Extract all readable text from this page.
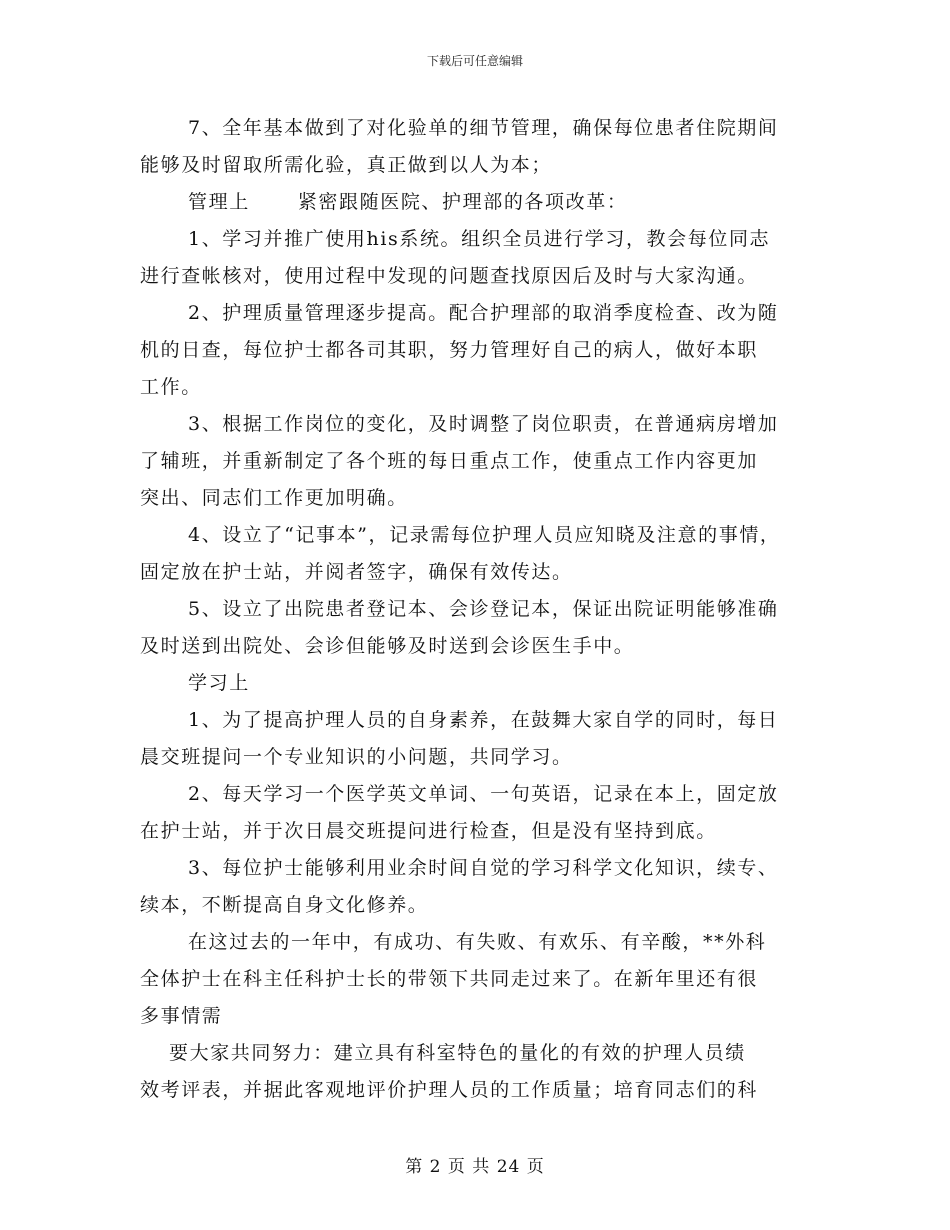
下载后可任意编辑
7、全年基本做到了对化验单的细节管理，确保每位患者住院期间
能够及时留取所需化验，真正做到以人为本；
管理上	紧密跟随医院、护理部的各项改革：
1、学习并推广使用his系统。组织全员进行学习，教会每位同志
进行查帐核对，使用过程中发现的问题查找原因后及时与大家沟通。
2、护理质量管理逐步提高。配合护理部的取消季度检查、改为随
机的日查，每位护士都各司其职，努力管理好自己的病人，做好本职
工作。
3、根据工作岗位的变化，及时调整了岗位职责，在普通病房增加
了辅班，并重新制定了各个班的每日重点工作，使重点工作内容更加
突出、同志们工作更加明确。
4、设立了“记事本”，记录需每位护理人员应知晓及注意的事情，
固定放在护士站，并阅者签字，确保有效传达。
5、设立了出院患者登记本、会诊登记本，保证出院证明能够准确
及时送到出院处、会诊但能够及时送到会诊医生手中。
学习上
1、为了提高护理人员的自身素养，在鼓舞大家自学的同时，每日
晨交班提问一个专业知识的小问题，共同学习。
2、每天学习一个医学英文单词、一句英语，记录在本上，固定放
在护士站，并于次日晨交班提问进行检查，但是没有坚持到底。
3、每位护士能够利用业余时间自觉的学习科学文化知识，续专、
续本，不断提高自身文化修养。
在这过去的一年中，有成功、有失败、有欢乐、有辛酸，**外科
全体护士在科主任科护士长的带领下共同走过来了。在新年里还有很
多事情需
要大家共同努力：建立具有科室特色的量化的有效的护理人员绩
效考评表，并据此客观地评价护理人员的工作质量；培育同志们的科
第 2 页 共 24 页
